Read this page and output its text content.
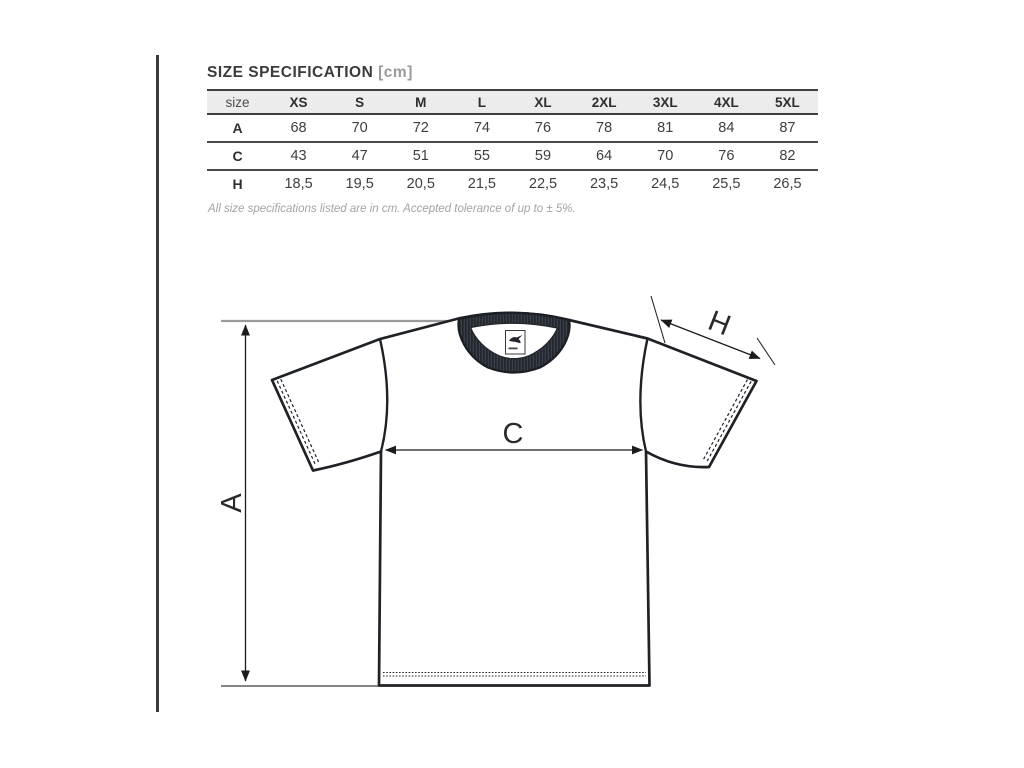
A
C
H
SIZE SPECIFICATION [cm]
size	XS	S	M	L	XL	2XL	3XL	4XL	5XL
A	68	70	72	74	76	78	81	84	87
C	43	47	51	55	59	64	70	76	82
H	18,5	19,5	20,5	21,5	22,5	23,5	24,5	25,5	26,5

All size specifications listed are in cm. Accepted tolerance of up to ± 5%.
